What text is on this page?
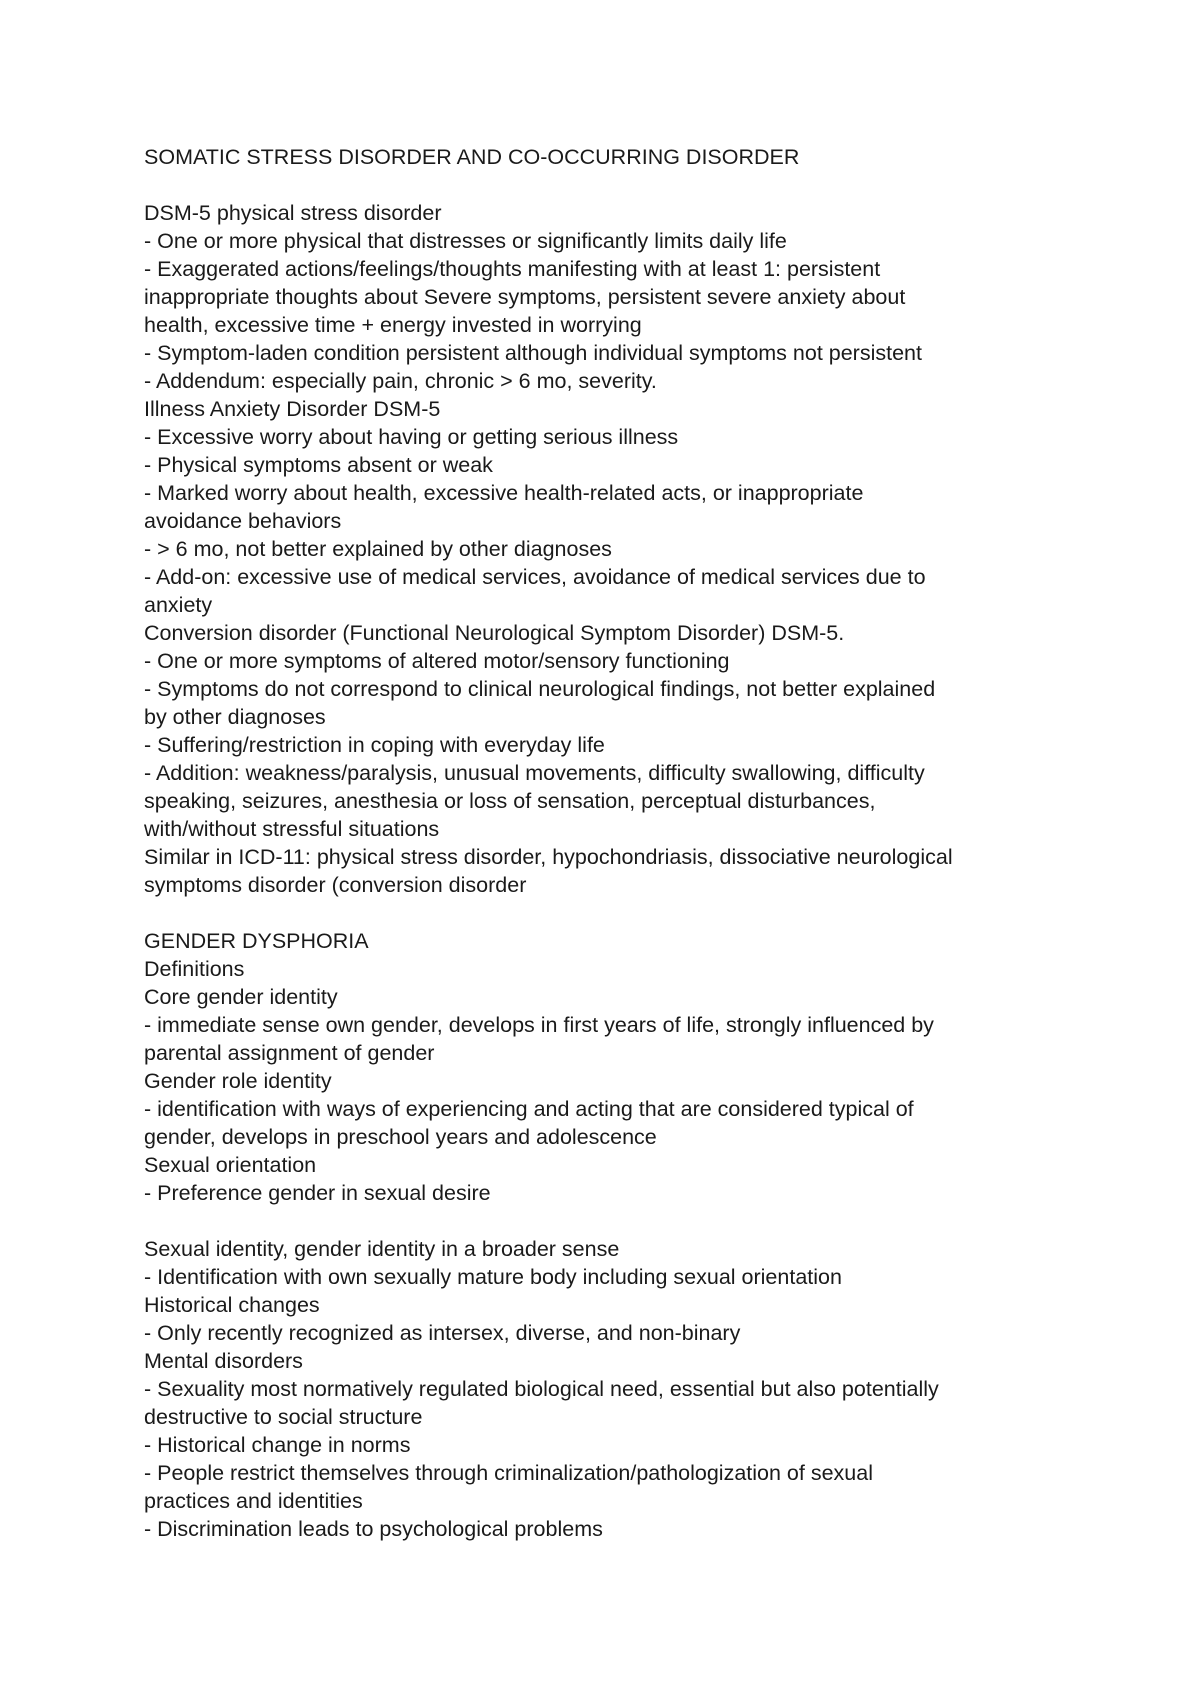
SOMATIC STRESS DISORDER AND CO-OCCURRING DISORDER
DSM-5 physical stress disorder
- One or more physical that distresses or significantly limits daily life
- Exaggerated actions/feelings/thoughts manifesting with at least 1: persistent
inappropriate thoughts about Severe symptoms, persistent severe anxiety about
health, excessive time + energy invested in worrying
- Symptom-laden condition persistent although individual symptoms not persistent
- Addendum: especially pain, chronic > 6 mo, severity.
Illness Anxiety Disorder DSM-5
- Excessive worry about having or getting serious illness
- Physical symptoms absent or weak
- Marked worry about health, excessive health-related acts, or inappropriate
avoidance behaviors
- > 6 mo, not better explained by other diagnoses
- Add-on: excessive use of medical services, avoidance of medical services due to
anxiety
Conversion disorder (Functional Neurological Symptom Disorder) DSM-5.
- One or more symptoms of altered motor/sensory functioning
- Symptoms do not correspond to clinical neurological findings, not better explained
by other diagnoses
- Suffering/restriction in coping with everyday life
- Addition: weakness/paralysis, unusual movements, difficulty swallowing, difficulty
speaking, seizures, anesthesia or loss of sensation, perceptual disturbances,
with/without stressful situations
Similar in ICD-11: physical stress disorder, hypochondriasis, dissociative neurological
symptoms disorder (conversion disorder
GENDER DYSPHORIA
Definitions
Core gender identity
- immediate sense own gender, develops in first years of life, strongly influenced by
parental assignment of gender
Gender role identity
- identification with ways of experiencing and acting that are considered typical of
gender, develops in preschool years and adolescence
Sexual orientation
- Preference gender in sexual desire
Sexual identity, gender identity in a broader sense
- Identification with own sexually mature body including sexual orientation
Historical changes
- Only recently recognized as intersex, diverse, and non-binary
Mental disorders
- Sexuality most normatively regulated biological need, essential but also potentially
destructive to social structure
- Historical change in norms
- People restrict themselves through criminalization/pathologization of sexual
practices and identities
- Discrimination leads to psychological problems
